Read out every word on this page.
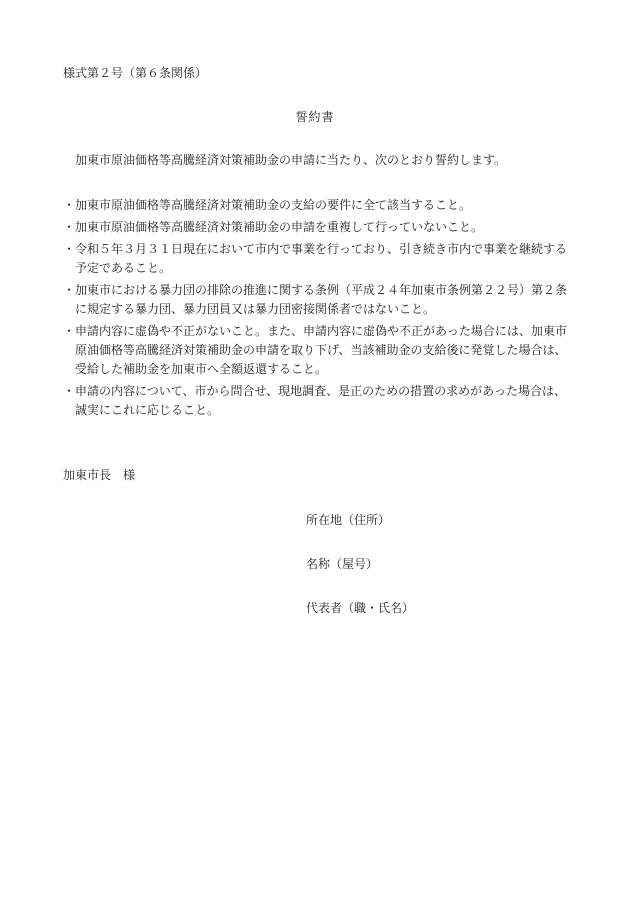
様式第２号（第６条関係）
誓約書
加東市原油価格等高騰経済対策補助金の申請に当たり、次のとおり誓約します。
・ 加東市原油価格等高騰経済対策補助金の支給の要件に全て該当すること。
・ 加東市原油価格等高騰経済対策補助金の申請を重複して行っていないこと。
・ 令和５年３月３１日現在において市内で事業を行っており、引き続き市内で事業を継続する予定であること。
・ 加東市における暴力団の排除の推進に関する条例（平成２４年加東市条例第２２号）第２条に規定する暴力団、暴力団員又は暴力団密接関係者ではないこと。
・ 申請内容に虚偽や不正がないこと。また、申請内容に虚偽や不正があった場合には、加東市原油価格等高騰経済対策補助金の申請を取り下げ、当該補助金の支給後に発覚した場合は、受給した補助金を加東市へ全額返還すること。
・ 申請の内容について、市から問合せ、現地調査、是正のための措置の求めがあった場合は、誠実にこれに応じること。
加東市長　様
所在地（住所）
名称（屋号）
代表者（職・氏名）
